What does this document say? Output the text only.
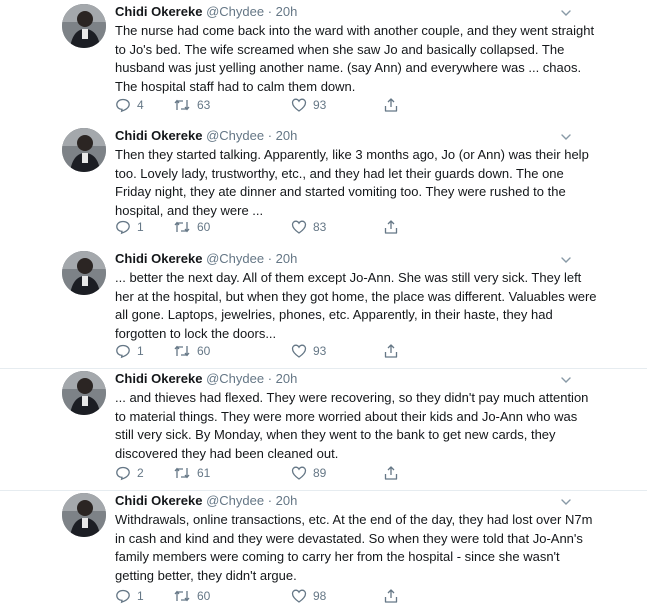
Chidi Okereke @Chydee · 20h
The nurse had come back into the ward with another couple, and they went straight to Jo's bed. The wife screamed when she saw Jo and basically collapsed. The husband was just yelling another name. (say Ann) and everywhere was ... chaos. The hospital staff had to calm them down.
4	63	93
Chidi Okereke @Chydee · 20h
Then they started talking. Apparently, like 3 months ago, Jo (or Ann) was their help too. Lovely lady, trustworthy, etc., and they had let their guards down. The one Friday night, they ate dinner and started vomiting too. They were rushed to the hospital, and they were ...
1	60	83
Chidi Okereke @Chydee · 20h
... better the next day. All of them except Jo-Ann. She was still very sick. They left her at the hospital, but when they got home, the place was different. Valuables were all gone. Laptops, jewelries, phones, etc. Apparently, in their haste, they had forgotten to lock the doors...
1	60	93
Chidi Okereke @Chydee · 20h
... and thieves had flexed. They were recovering, so they didn't pay much attention to material things. They were more worried about their kids and Jo-Ann who was still very sick. By Monday, when they went to the bank to get new cards, they discovered they had been cleaned out.
2	61	89
Chidi Okereke @Chydee · 20h
Withdrawals, online transactions, etc. At the end of the day, they had lost over N7m in cash and kind and they were devastated. So when they were told that Jo-Ann's family members were coming to carry her from the hospital - since she wasn't getting better, they didn't argue.
1	60	98
